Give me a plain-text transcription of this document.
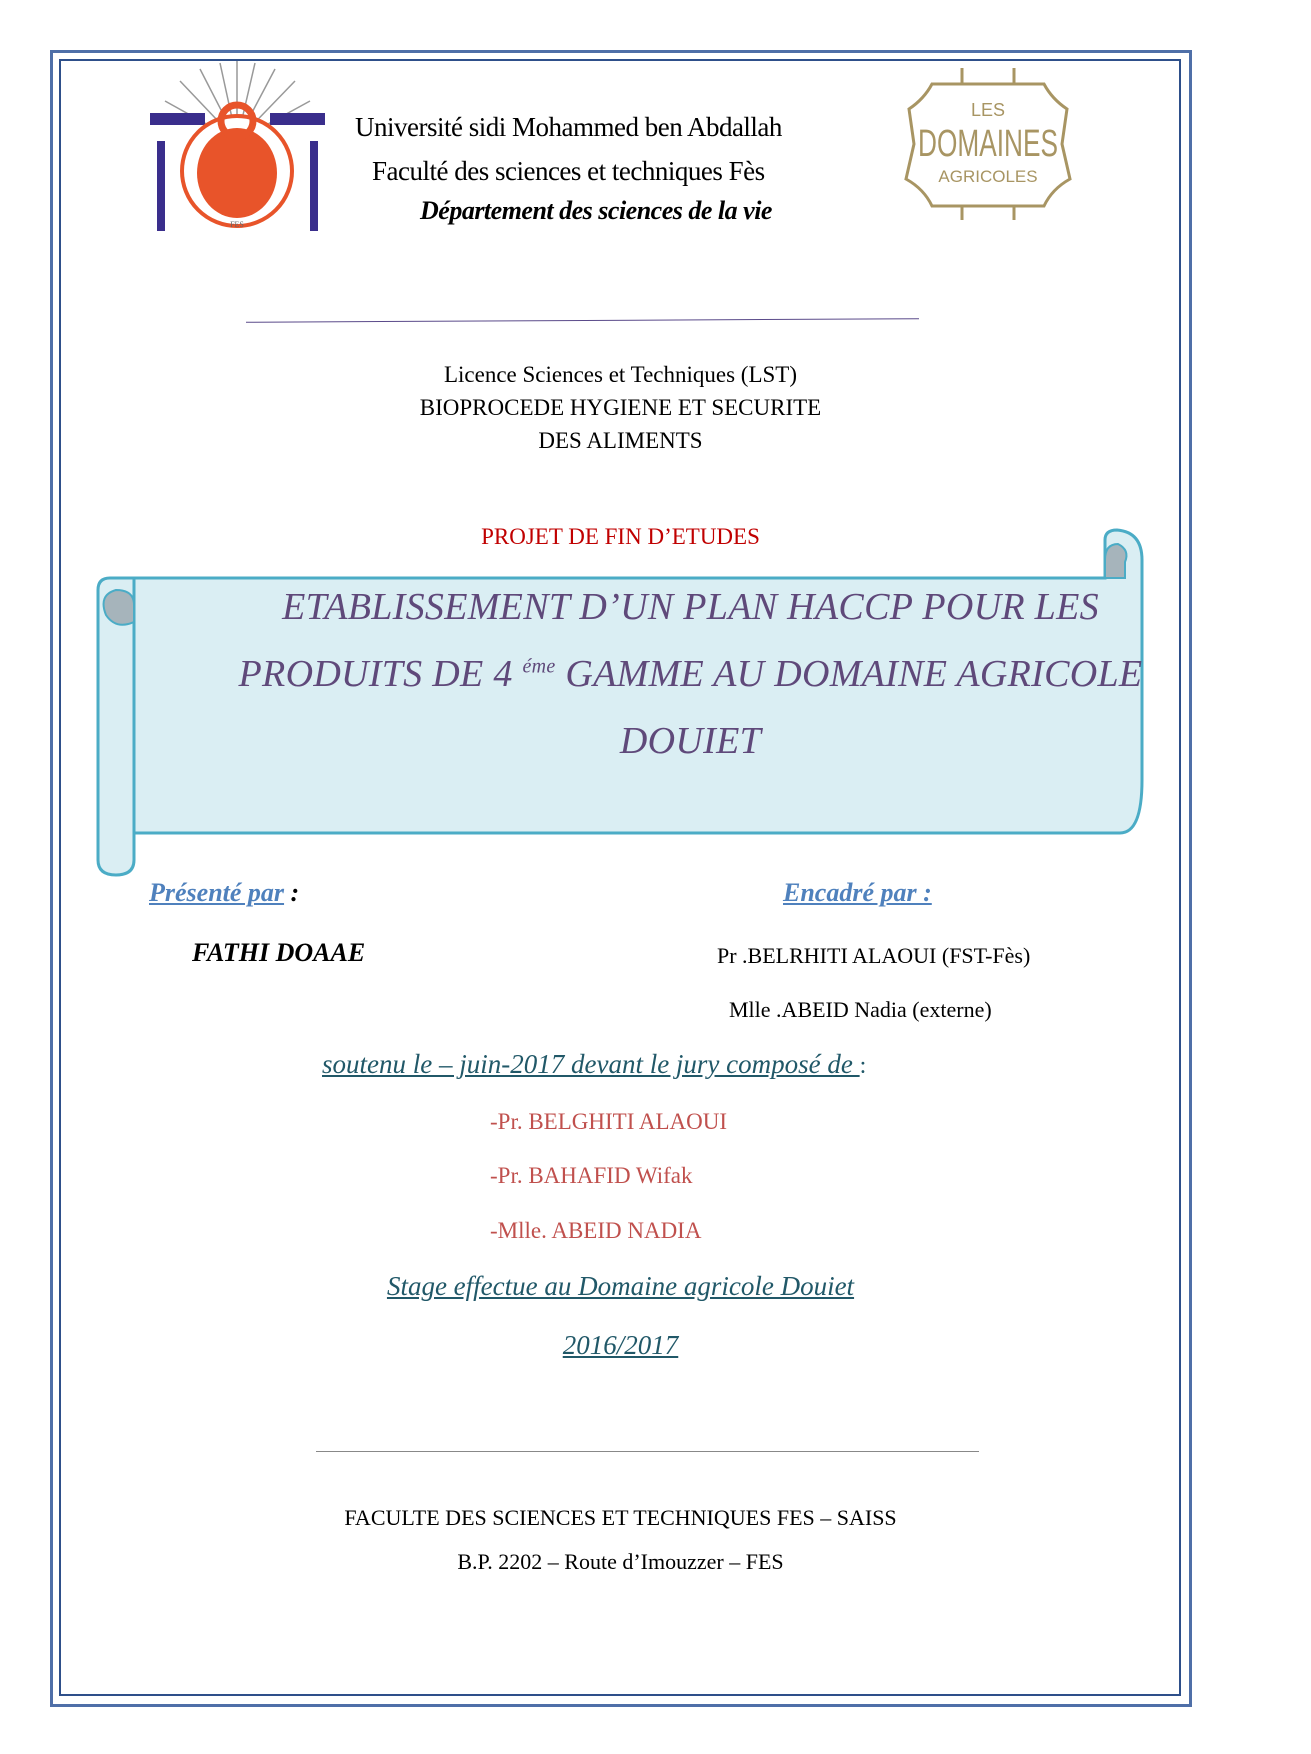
FES
Université sidi Mohammed ben Abdallah
Faculté des sciences et techniques Fès
Département des sciences de la vie
LES
DOMAINES
AGRICOLES
Licence Sciences et Techniques (LST)
BIOPROCEDE HYGIENE ET SECURITE
DES ALIMENTS
PROJET DE FIN D’ETUDES
ETABLISSEMENT D’UN PLAN HACCP POUR LES
PRODUITS DE 4 $^{éme}$ GAMME AU DOMAINE AGRICOLE
DOUIET
Présenté par :	Encadré par :
FATHI DOAAE	Pr .BELRHITI ALAOUI (FST-Fès)
Mlle .ABEID Nadia (externe)
soutenu le – juin-2017 devant le jury composé de :
-Pr. BELGHITI ALAOUI
-Pr. BAHAFID Wifak
-Mlle. ABEID NADIA
Stage effectue au Domaine agricole Douiet
2016/2017
FACULTE DES SCIENCES ET TECHNIQUES FES – SAISS
B.P. 2202 – Route d’Imouzzer – FES
